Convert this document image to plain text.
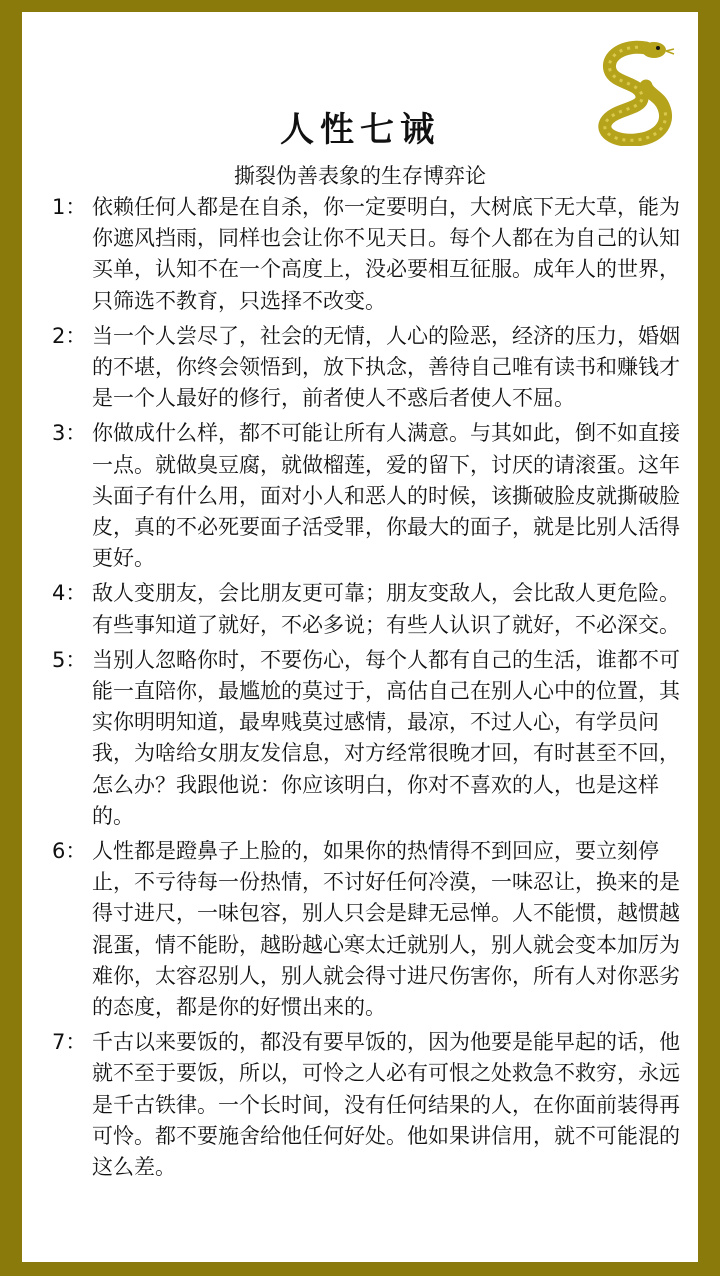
人性七诫
撕裂伪善表象的生存博弈论
1： 依赖任何人都是在自杀，你一定要明白，大树底下无大草，能为你遮风挡雨，同样也会让你不见天日。每个人都在为自己的认知买单，认知不在一个高度上，没必要相互征服。成年人的世界，只筛选不教育，只选择不改变。
2： 当一个人尝尽了，社会的无情，人心的险恶，经济的压力，婚姻的不堪，你终会领悟到，放下执念，善待自己唯有读书和赚钱才是一个人最好的修行，前者使人不惑后者使人不屈。
3： 你做成什么样，都不可能让所有人满意。与其如此，倒不如直接一点。就做臭豆腐，就做榴莲，爱的留下，讨厌的请滚蛋。这年头面子有什么用，面对小人和恶人的时候，该撕破脸皮就撕破脸皮，真的不必死要面子活受罪，你最大的面子，就是比别人活得更好。
4： 敌人变朋友，会比朋友更可靠；朋友变敌人，会比敌人更危险。有些事知道了就好，不必多说；有些人认识了就好，不必深交。
5： 当别人忽略你时，不要伤心，每个人都有自己的生活，谁都不可能一直陪你，最尴尬的莫过于，高估自己在别人心中的位置，其实你明明知道，最卑贱莫过感情，最凉，不过人心，有学员问我，为啥给女朋友发信息，对方经常很晚才回，有时甚至不回，怎么办？我跟他说：你应该明白，你对不喜欢的人，也是这样的。
6： 人性都是蹬鼻子上脸的，如果你的热情得不到回应，要立刻停止，不亏待每一份热情，不讨好任何冷漠，一味忍让，换来的是得寸进尺，一味包容，别人只会是肆无忌惮。人不能惯，越惯越混蛋，情不能盼，越盼越心寒太迁就别人，别人就会变本加厉为难你，太容忍别人，别人就会得寸进尺伤害你，所有人对你恶劣的态度，都是你的好惯出来的。
7： 千古以来要饭的，都没有要早饭的，因为他要是能早起的话，他就不至于要饭，所以，可怜之人必有可恨之处救急不救穷，永远是千古铁律。一个长时间，没有任何结果的人，在你面前装得再可怜。都不要施舍给他任何好处。他如果讲信用，就不可能混的这么差。
